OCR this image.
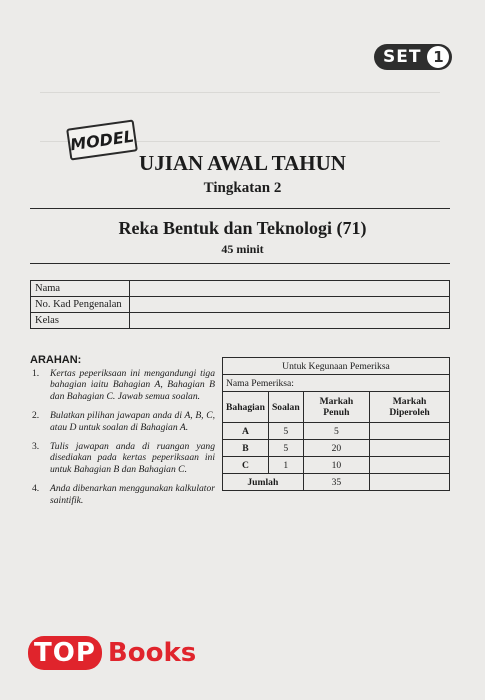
SET 1
MODEL
UJIAN AWAL TAHUN
Tingkatan 2
Reka Bentuk dan Teknologi (71)
45 minit
Nama	
No. Kad Pengenalan	
Kelas	
ARAHAN:
1.	Kertas peperiksaan ini mengandungi tiga bahagian iaitu Bahagian A, Bahagian B dan Bahagian C. Jawab semua soalan.
2.	Bulatkan pilihan jawapan anda di A, B, C, atau D untuk soalan di Bahagian A.
3.	Tulis jawapan anda di ruangan yang disediakan pada kertas peperiksaan ini untuk Bahagian B dan Bahagian C.
4.	Anda dibenarkan menggunakan kalkulator saintifik.
Untuk Kegunaan Pemeriksa			
Nama Pemeriksa:			
Bahagian	Soalan	Markah Penuh	Markah Diperoleh
A	5	5	
B	5	20	
C	1	10	
Jumlah		35	
TOP Books
